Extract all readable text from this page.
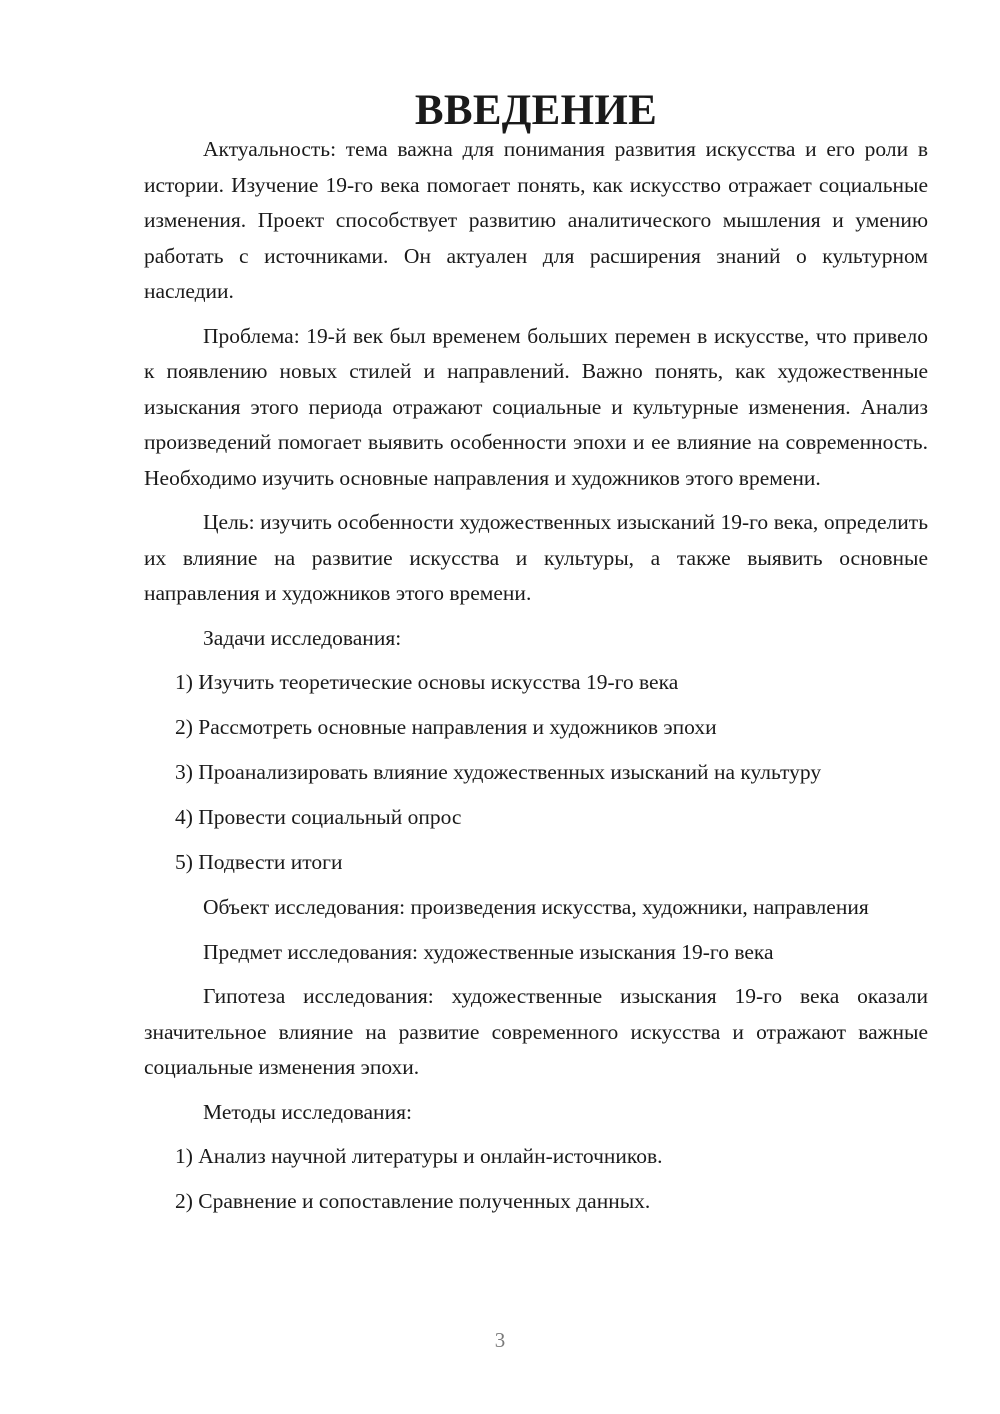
ВВЕДЕНИЕ

Актуальность: тема важна для понимания развития искусства и его роли в истории. Изучение 19-го века помогает понять, как искусство отражает социальные изменения. Проект способствует развитию аналитического мышления и умению работать с источниками. Он актуален для расширения знаний о культурном наследии.

Проблема: 19-й век был временем больших перемен в искусстве, что привело к появлению новых стилей и направлений. Важно понять, как художественные изыскания этого периода отражают социальные и культурные изменения. Анализ произведений помогает выявить особенности эпохи и ее влияние на современность. Необходимо изучить основные направления и художников этого времени.

Цель: изучить особенности художественных изысканий 19-го века, определить их влияние на развитие искусства и культуры, а также выявить основные направления и художников этого времени.

Задачи исследования:

1) Изучить теоретические основы искусства 19-го века

2) Рассмотреть основные направления и художников эпохи

3) Проанализировать влияние художественных изысканий на культуру

4) Провести социальный опрос

5) Подвести итоги

Объект исследования: произведения искусства, художники, направления

Предмет исследования: художественные изыскания 19-го века

Гипотеза исследования: художественные изыскания 19-го века оказали значительное влияние на развитие современного искусства и отражают важные социальные изменения эпохи.

Методы исследования:

1) Анализ научной литературы и онлайн-источников.

2) Сравнение и сопоставление полученных данных.

3
